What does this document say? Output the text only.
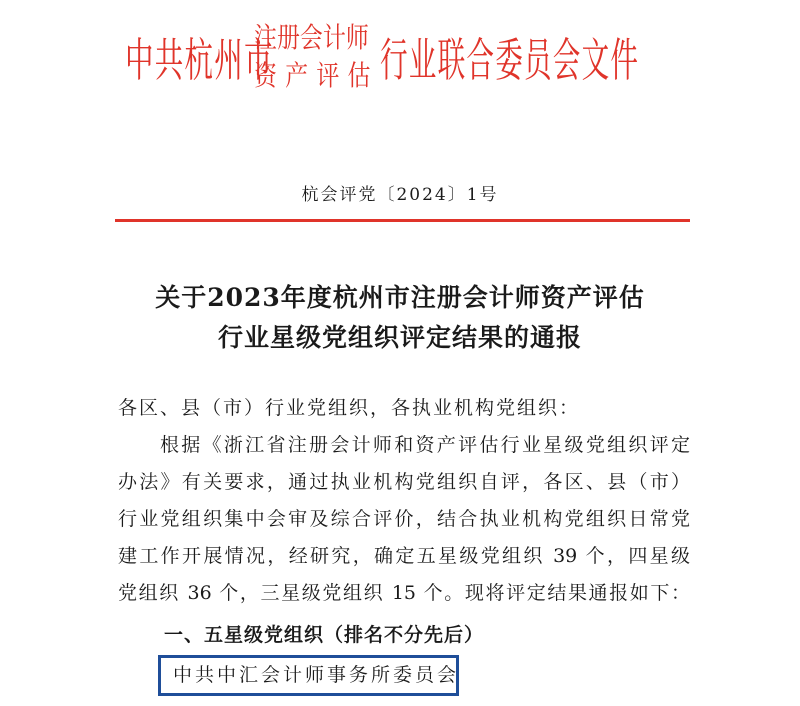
中共杭州市
注册会计师
资产评估 行业联合委员会文件
杭会评党〔2024〕1号
关于2023年度杭州市注册会计师资产评估
行业星级党组织评定结果的通报
各区、县（市）行业党组织，各执业机构党组织：
根据《浙江省注册会计师和资产评估行业星级党组织评定
办法》有关要求，通过执业机构党组织自评，各区、县（市）
行业党组织集中会审及综合评价，结合执业机构党组织日常党
建工作开展情况，经研究，确定五星级党组织 39 个，四星级
党组织 36 个，三星级党组织 15 个。现将评定结果通报如下：
一、五星级党组织（排名不分先后）
中共中汇会计师事务所委员会
